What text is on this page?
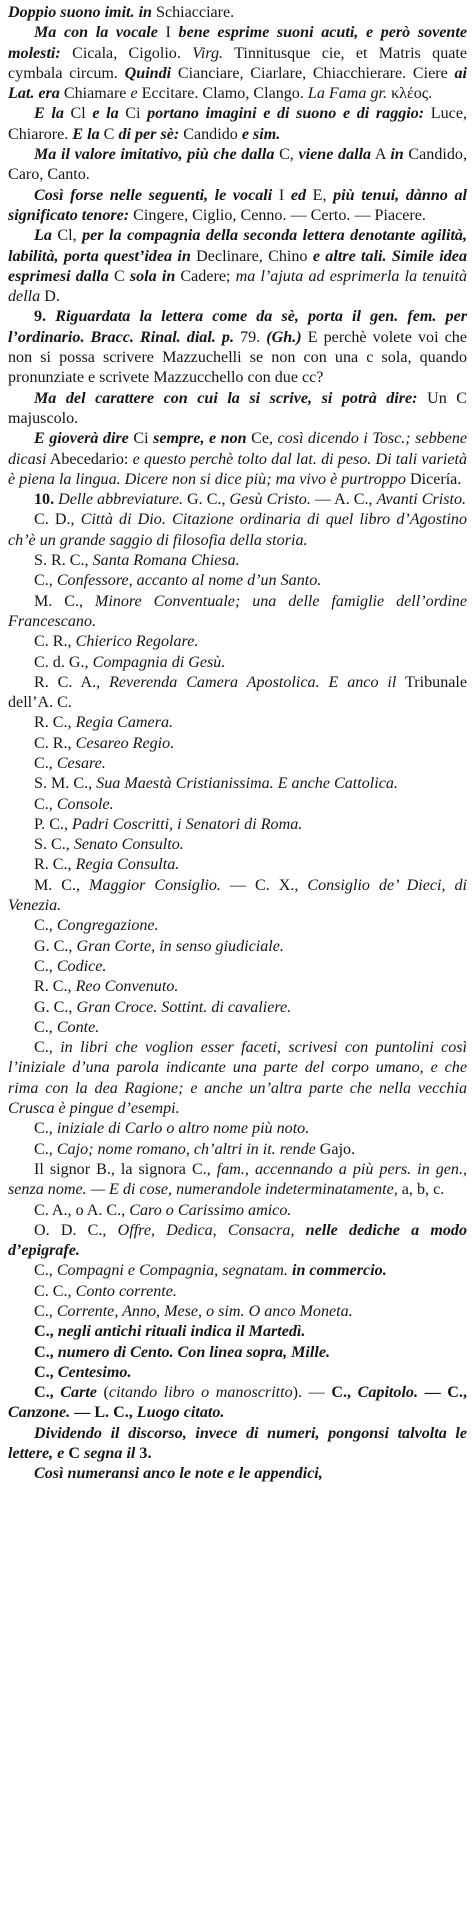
Doppio suono imit. in Schiacciare.

Ma con la vocale I bene esprime suoni acuti, e però sovente molesti: Cicala, Cigolio. Virg. Tinnitusque cie, et Matris quate cymbala circum. Quindi Cianciare, Ciarlare, Chiacchierare. Ciere ai Lat. era Chiamare e Eccitare. Clamo, Clango. La Fama gr. κλέος.

E la Cl e la Ci portano imagini e di suono e di raggio: Luce, Chiarore. E la C di per sè: Candido e sim.

Ma il valore imitativo, più che dalla C, viene dalla A in Candido, Caro, Canto.

Così forse nelle seguenti, le vocali I ed E, più tenui, dànno al significato tenore: Cingere, Ciglio, Cenno. — Certo. — Piacere.

La Cl, per la compagnia della seconda lettera denotante agilità, labilità, porta quest’idea in Declinare, Chino e altre tali. Simile idea esprimesi dalla C sola in Cadere; ma l’ajuta ad esprimerla la tenuità della D.

9. Riguardata la lettera come da sè, porta il gen. fem. per l’ordinario. Bracc. Rinal. dial. p. 79. (Gh.) E perchè volete voi che non si possa scrivere Mazzuchelli se non con una c sola, quando pronunziate e scrivete Mazzucchello con due cc?

Ma del carattere con cui la si scrive, si potrà dire: Un C majuscolo.

E gioverà dire Ci sempre, e non Ce, così dicendo i Tosc.; sebbene dicasi Abecedario: e questo perchè tolto dal lat. di peso. Di tali varietà è piena la lingua. Dicere non si dice più; ma vivo è purtroppo Dicería.

10. Delle abbreviature. G. C., Gesù Cristo. — A. C., Avanti Cristo.

C. D., Città di Dio. Citazione ordinaria di quel libro d’Agostino ch’è un grande saggio di filosofia della storia.

S. R. C., Santa Romana Chiesa.

C., Confessore, accanto al nome d’un Santo.

M. C., Minore Conventuale; una delle famiglie dell’ordine Francescano.

C. R., Chierico Regolare.

C. d. G., Compagnia di Gesù.

R. C. A., Reverenda Camera Apostolica. E anco il Tribunale dell’A. C.

R. C., Regia Camera.

C. R., Cesareo Regio.

C., Cesare.

S. M. C., Sua Maestà Cristianissima. E anche Cattolica.

C., Console.

P. C., Padri Coscritti, i Senatori di Roma.

S. C., Senato Consulto.

R. C., Regia Consulta.

M. C., Maggior Consiglio. — C. X., Consiglio de’ Dieci, di Venezia.

C., Congregazione.

G. C., Gran Corte, in senso giudiciale.

C., Codice.

R. C., Reo Convenuto.

G. C., Gran Croce. Sottint. di cavaliere.

C., Conte.

C., in libri che voglion esser faceti, scrivesi con puntolini così l’iniziale d’una parola indicante una parte del corpo umano, e che rima con la dea Ragione; e anche un’altra parte che nella vecchia Crusca è pingue d’esempi.

C., iniziale di Carlo o altro nome più noto.

C., Cajo; nome romano, ch’altri in it. rende Gajo.

Il signor B., la signora C., fam., accennando a più pers. in gen., senza nome. — E di cose, numerandole indeterminatamente, a, b, c.

C. A., o A. C., Caro o Carissimo amico.

O. D. C., Offre, Dedica, Consacra, nelle dediche a modo d’epigrafe.

C., Compagni e Compagnia, segnatam. in commercio.

C. C., Conto corrente.

C., Corrente, Anno, Mese, o sim. O anco Moneta.

C., negli antichi rituali indica il Martedì.

C., numero di Cento. Con linea sopra, Mille.

C., Centesimo.

C., Carte (citando libro o manoscritto). — C., Capitolo. — C., Canzone. — L. C., Luogo citato.

Dividendo il discorso, invece di numeri, pongonsi talvolta le lettere, e C segna il 3.

Così numeransi anco le note e le appendici,
